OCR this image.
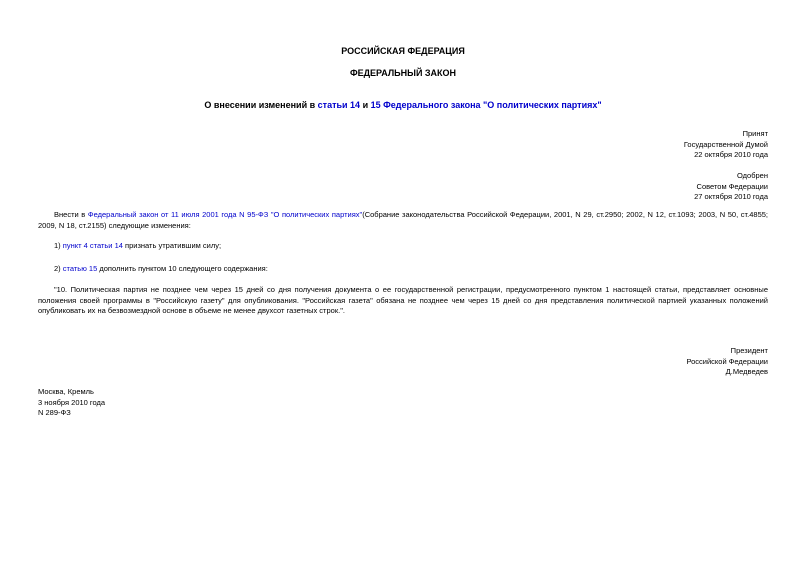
РОССИЙСКАЯ ФЕДЕРАЦИЯ
ФЕДЕРАЛЬНЫЙ ЗАКОН
О внесении изменений в статьи 14 и 15 Федерального закона "О политических партиях"
Принят
Государственной Думой
22 октября 2010 года
Одобрен
Советом Федерации
27 октября 2010 года
Внести в Федеральный закон от 11 июля 2001 года N 95-ФЗ "О политических партиях"(Собрание законодательства Российской Федерации, 2001, N 29, ст.2950; 2002, N 12, ст.1093; 2003, N 50, ст.4855; 2009, N 18, ст.2155) следующие изменения:
1) пункт 4 статьи 14 признать утратившим силу;
2) статью 15 дополнить пунктом 10 следующего содержания:
"10. Политическая партия не позднее чем через 15 дней со дня получения документа о ее государственной регистрации, предусмотренного пунктом 1 настоящей статьи, представляет основные положения своей программы в "Российскую газету" для опубликования. "Российская газета" обязана не позднее чем через 15 дней со дня представления политической партией указанных положений опубликовать их на безвозмездной основе в объеме не менее двухсот газетных строк.".
Президент
Российской Федерации
Д.Медведев
Москва, Кремль
3 ноября 2010 года
N 289-ФЗ
